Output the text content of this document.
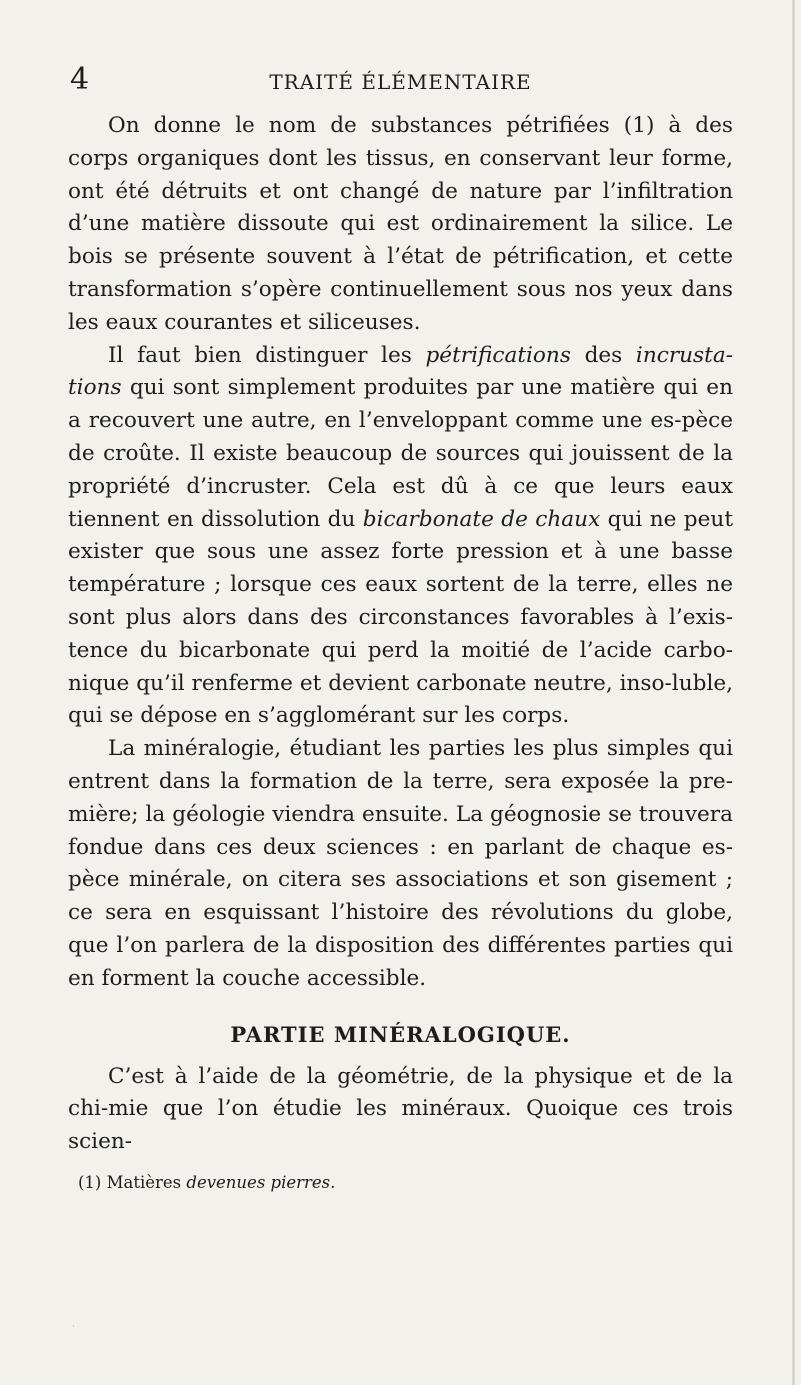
4	TRAITÉ ÉLÉMENTAIRE

On donne le nom de substances pétrifiées (1) à des corps organiques dont les tissus, en conservant leur forme, ont été détruits et ont changé de nature par l’infiltration d’une matière dissoute qui est ordinairement la silice. Le bois se présente souvent à l’état de pétrification, et cette transformation s’opère continuellement sous nos yeux dans les eaux courantes et siliceuses.

Il faut bien distinguer les pétrifications des incrusta-tions qui sont simplement produites par une matière qui en a recouvert une autre, en l’enveloppant comme une es-pèce de croûte. Il existe beaucoup de sources qui jouissent de la propriété d’incruster. Cela est dû à ce que leurs eaux tiennent en dissolution du bicarbonate de chaux qui ne peut exister que sous une assez forte pression et à une basse température ; lorsque ces eaux sortent de la terre, elles ne sont plus alors dans des circonstances favorables à l’exis-tence du bicarbonate qui perd la moitié de l’acide carbo-nique qu’il renferme et devient carbonate neutre, inso-luble, qui se dépose en s’agglomérant sur les corps.

La minéralogie, étudiant les parties les plus simples qui entrent dans la formation de la terre, sera exposée la pre-mière; la géologie viendra ensuite. La géognosie se trouvera fondue dans ces deux sciences : en parlant de chaque es-pèce minérale, on citera ses associations et son gisement ; ce sera en esquissant l’histoire des révolutions du globe, que l’on parlera de la disposition des différentes parties qui en forment la couche accessible.

PARTIE MINÉRALOGIQUE.

C’est à l’aide de la géométrie, de la physique et de la chi-mie que l’on étudie les minéraux. Quoique ces trois scien-

(1) Matières devenues pierres.
·
